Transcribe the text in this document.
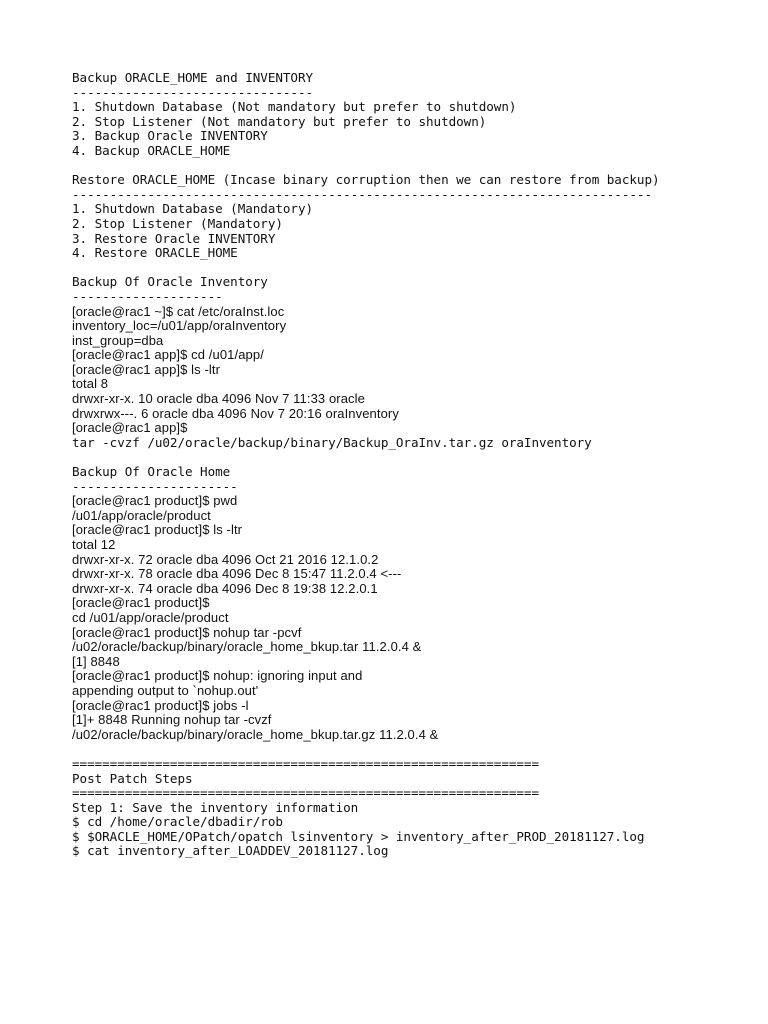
Backup ORACLE_HOME and INVENTORY
--------------------------------
1. Shutdown Database (Not mandatory but prefer to shutdown)
2. Stop Listener (Not mandatory but prefer to shutdown)
3. Backup Oracle INVENTORY
4. Backup ORACLE_HOME
Restore ORACLE_HOME (Incase binary corruption then we can restore from backup)
-----------------------------------------------------------------------------
1. Shutdown Database (Mandatory)
2. Stop Listener (Mandatory)
3. Restore Oracle INVENTORY
4. Restore ORACLE_HOME
Backup Of Oracle Inventory
--------------------
[oracle@rac1 ~]$ cat /etc/oraInst.loc
inventory_loc=/u01/app/oraInventory
inst_group=dba
[oracle@rac1 app]$ cd /u01/app/
[oracle@rac1 app]$ ls -ltr
total 8
drwxr-xr-x. 10 oracle dba 4096 Nov 7 11:33 oracle
drwxrwx---. 6 oracle dba 4096 Nov 7 20:16 oraInventory
[oracle@rac1 app]$
tar -cvzf /u02/oracle/backup/binary/Backup_OraInv.tar.gz oraInventory
Backup Of Oracle Home
----------------------
[oracle@rac1 product]$ pwd
/u01/app/oracle/product
[oracle@rac1 product]$ ls -ltr
total 12
drwxr-xr-x. 72 oracle dba 4096 Oct 21 2016 12.1.0.2
drwxr-xr-x. 78 oracle dba 4096 Dec 8 15:47 11.2.0.4 <---
drwxr-xr-x. 74 oracle dba 4096 Dec 8 19:38 12.2.0.1
[oracle@rac1 product]$
cd /u01/app/oracle/product
[oracle@rac1 product]$ nohup tar -pcvf
/u02/oracle/backup/binary/oracle_home_bkup.tar 11.2.0.4 &
[1] 8848
[oracle@rac1 product]$ nohup: ignoring input and
appending output to `nohup.out'
[oracle@rac1 product]$ jobs -l
[1]+ 8848 Running nohup tar -cvzf
/u02/oracle/backup/binary/oracle_home_bkup.tar.gz 11.2.0.4 &
==============================================================
Post Patch Steps
==============================================================
Step 1: Save the inventory information
$ cd /home/oracle/dbadir/rob
$ $ORACLE_HOME/OPatch/opatch lsinventory > inventory_after_PROD_20181127.log
$ cat inventory_after_LOADDEV_20181127.log
